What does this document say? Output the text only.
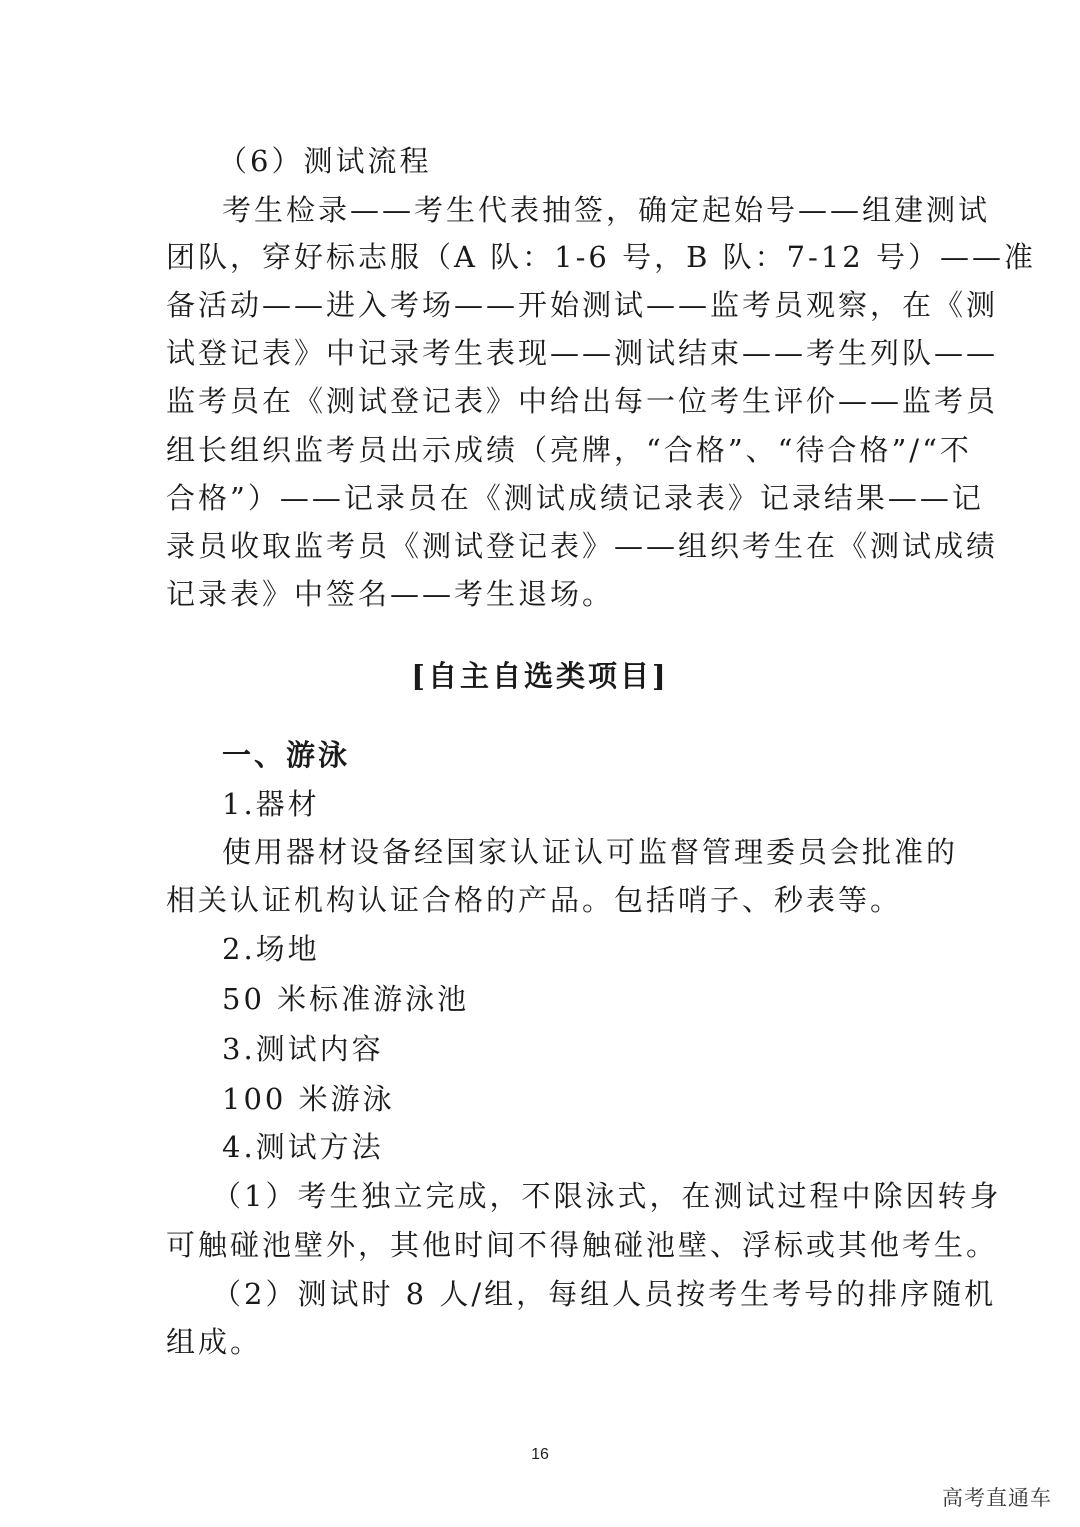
（6）测试流程
考生检录——考生代表抽签，确定起始号——组建测试
团队，穿好标志服（A 队：1-6 号，B 队：7-12 号）——准
备活动——进入考场——开始测试——监考员观察，在《测
试登记表》中记录考生表现——测试结束——考生列队——
监考员在《测试登记表》中给出每一位考生评价——监考员
组长组织监考员出示成绩（亮牌，“合格”、“待合格”/“不
合格”）——记录员在《测试成绩记录表》记录结果——记
录员收取监考员《测试登记表》——组织考生在《测试成绩
记录表》中签名——考生退场。
[自主自选类项目]
一、游泳
1.器材
使用器材设备经国家认证认可监督管理委员会批准的
相关认证机构认证合格的产品。包括哨子、秒表等。
2.场地
50 米标准游泳池
3.测试内容
100 米游泳
4.测试方法
（1）考生独立完成，不限泳式，在测试过程中除因转身
可触碰池壁外，其他时间不得触碰池壁、浮标或其他考生。
（2）测试时 8 人/组，每组人员按考生考号的排序随机
组成。
16
高考直通车
